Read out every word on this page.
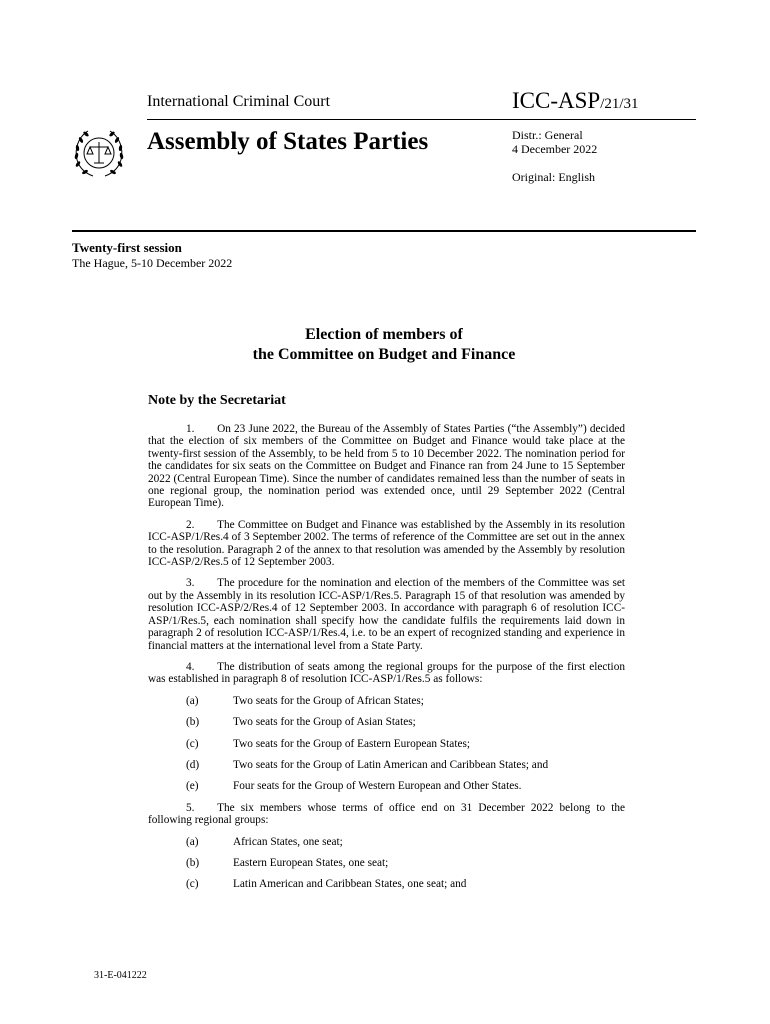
International Criminal Court	ICC-ASP/21/31
Assembly of States Parties	Distr.: General
4 December 2022
Original: English
Twenty-first session
The Hague, 5-10 December 2022
Election of members of
the Committee on Budget and Finance
Note by the Secretariat

1.  On 23 June 2022, the Bureau of the Assembly of States Parties (“the Assembly”) decided that the election of six members of the Committee on Budget and Finance would take place at the twenty-first session of the Assembly, to be held from 5 to 10 December 2022. The nomination period for the candidates for six seats on the Committee on Budget and Finance ran from 24 June to 15 September 2022 (Central European Time). Since the number of candidates remained less than the number of seats in one regional group, the nomination period was extended once, until 29 September 2022 (Central European Time).

2.  The Committee on Budget and Finance was established by the Assembly in its resolution ICC-ASP/1/Res.4 of 3 September 2002. The terms of reference of the Committee are set out in the annex to the resolution. Paragraph 2 of the annex to that resolution was amended by the Assembly by resolution ICC-ASP/2/Res.5 of 12 September 2003.

3.  The procedure for the nomination and election of the members of the Committee was set out by the Assembly in its resolution ICC-ASP/1/Res.5. Paragraph 15 of that resolution was amended by resolution ICC-ASP/2/Res.4 of 12 September 2003. In accordance with paragraph 6 of resolution ICC-ASP/1/Res.5, each nomination shall specify how the candidate fulfils the requirements laid down in paragraph 2 of resolution ICC-ASP/1/Res.4, i.e. to be an expert of recognized standing and experience in financial matters at the international level from a State Party.

4.  The distribution of seats among the regional groups for the purpose of the first election was established in paragraph 8 of resolution ICC-ASP/1/Res.5 as follows:

(a)	Two seats for the Group of African States;
(b)	Two seats for the Group of Asian States;
(c)	Two seats for the Group of Eastern European States;
(d)	Two seats for the Group of Latin American and Caribbean States; and
(e)	Four seats for the Group of Western European and Other States.

5.  The six members whose terms of office end on 31 December 2022 belong to the following regional groups:

(a)	African States, one seat;
(b)	Eastern European States, one seat;
(c)	Latin American and Caribbean States, one seat; and
31-E-041222
